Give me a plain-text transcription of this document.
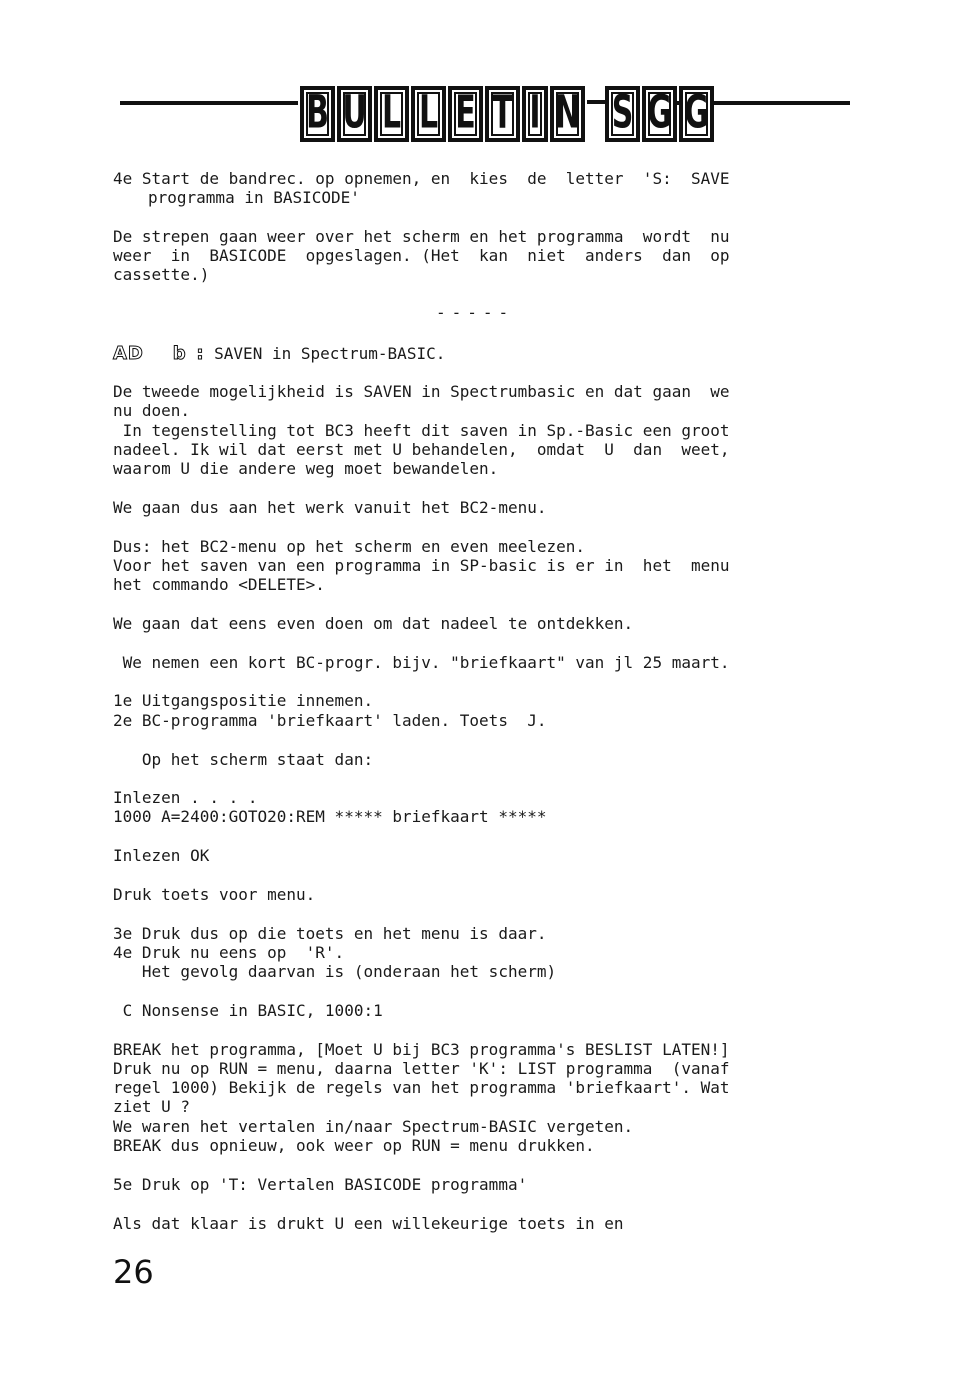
B U L L E T I N S G G
4e Start de bandrec. op opnemen, en  kies  de  letter  'S:  SAVE
programma in BASICODE'
De strepen gaan weer over het scherm en het programma  wordt  nu
weer  in  BASICODE  opgeslagen. (Het  kan  niet  anders  dan  op
cassette.)
-----
AD b : SAVEN in Spectrum-BASIC.
De tweede mogelijkheid is SAVEN in Spectrumbasic en dat gaan  we
nu doen.
In tegenstelling tot BC3 heeft dit saven in Sp.-Basic een groot
nadeel. Ik wil dat eerst met U behandelen,  omdat  U  dan  weet,
waarom U die andere weg moet bewandelen.
We gaan dus aan het werk vanuit het BC2-menu.
Dus: het BC2-menu op het scherm en even meelezen.
Voor het saven van een programma in SP-basic is er in  het  menu
het commando <DELETE>.
We gaan dat eens even doen om dat nadeel te ontdekken.
We nemen een kort BC-progr. bijv. "briefkaart" van jl 25 maart.
1e Uitgangspositie innemen.
2e BC-programma 'briefkaart' laden. Toets  J.
Op het scherm staat dan:
Inlezen . . . .
1000 A=2400:GOTO20:REM ***** briefkaart *****
Inlezen OK
Druk toets voor menu.
3e Druk dus op die toets en het menu is daar.
4e Druk nu eens op  'R'.
Het gevolg daarvan is (onderaan het scherm)
C Nonsense in BASIC, 1000:1
BREAK het programma, [Moet U bij BC3 programma's BESLIST LATEN!]
Druk nu op RUN = menu, daarna letter 'K': LIST programma  (vanaf
regel 1000) Bekijk de regels van het programma 'briefkaart'. Wat
ziet U ?
We waren het vertalen in/naar Spectrum-BASIC vergeten.
BREAK dus opnieuw, ook weer op RUN = menu drukken.
5e Druk op 'T: Vertalen BASICODE programma'
Als dat klaar is drukt U een willekeurige toets in en
26
